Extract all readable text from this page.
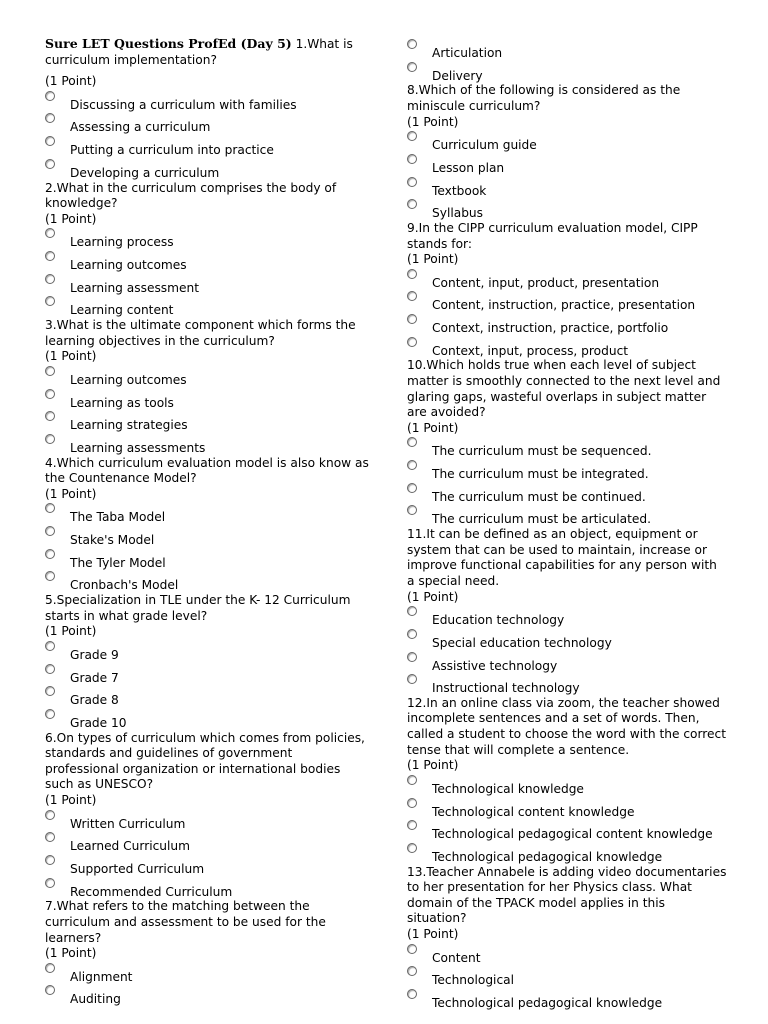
Sure LET Questions ProfEd (Day 5) 1.What is curriculum implementation?
(1 Point)
Discussing a curriculum with families
Assessing a curriculum
Putting a curriculum into practice
Developing a curriculum
2.What in the curriculum comprises the body of knowledge?
(1 Point)
Learning process
Learning outcomes
Learning assessment
Learning content
3.What is the ultimate component which forms the learning objectives in the curriculum?
(1 Point)
Learning outcomes
Learning as tools
Learning strategies
Learning assessments
4.Which curriculum evaluation model is also know as the Countenance Model?
(1 Point)
The Taba Model
Stake's Model
The Tyler Model
Cronbach's Model
5.Specialization in TLE under the K- 12 Curriculum starts in what grade level?
(1 Point)
Grade 9
Grade 7
Grade 8
Grade 10
6.On types of curriculum which comes from policies, standards and guidelines of government professional organization or international bodies such as UNESCO?
(1 Point)
Written Curriculum
Learned Curriculum
Supported Curriculum
Recommended Curriculum
7.What refers to the matching between the curriculum and assessment to be used for the learners?
(1 Point)
Alignment
Auditing
Articulation
Delivery
8.Which of the following is considered as the miniscule curriculum?
(1 Point)
Curriculum guide
Lesson plan
Textbook
Syllabus
9.In the CIPP curriculum evaluation model, CIPP stands for:
(1 Point)
Content, input, product, presentation
Content, instruction, practice, presentation
Context, instruction, practice, portfolio
Context, input, process, product
10.Which holds true when each level of subject matter is smoothly connected to the next level and glaring gaps, wasteful overlaps in subject matter are avoided?
(1 Point)
The curriculum must be sequenced.
The curriculum must be integrated.
The curriculum must be continued.
The curriculum must be articulated.
11.It can be defined as an object, equipment or system that can be used to maintain, increase or improve functional capabilities for any person with a special need.
(1 Point)
Education technology
Special education technology
Assistive technology
Instructional technology
12.In an online class via zoom, the teacher showed incomplete sentences and a set of words. Then, called a student to choose the word with the correct tense that will complete a sentence.
(1 Point)
Technological knowledge
Technological content knowledge
Technological pedagogical content knowledge
Technological pedagogical knowledge
13.Teacher Annabele is adding video documentaries to her presentation for her Physics class. What domain of the TPACK model applies in this situation?
(1 Point)
Content
Technological
Technological pedagogical knowledge
